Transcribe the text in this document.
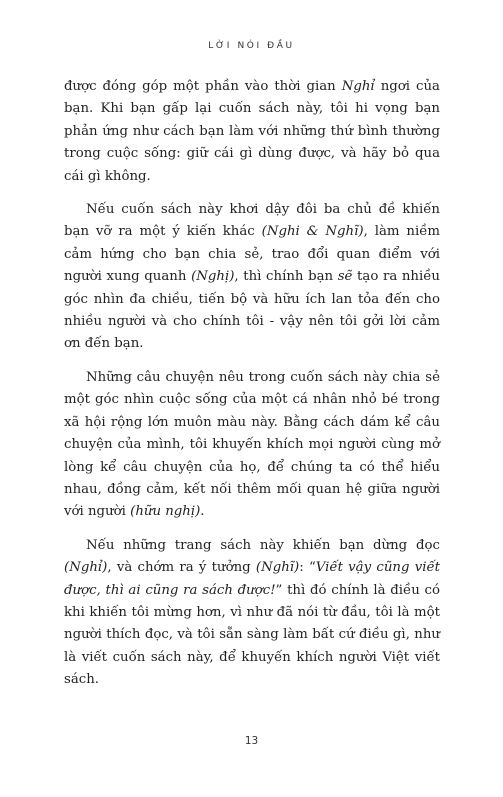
LỜI NÓI ĐẦU

được đóng góp một phần vào thời gian Nghỉ ngơi của bạn. Khi bạn gấp lại cuốn sách này, tôi hi vọng bạn phản ứng như cách bạn làm với những thứ bình thường trong cuộc sống: giữ cái gì dùng được, và hãy bỏ qua cái gì không.

Nếu cuốn sách này khơi dậy đôi ba chủ đề khiến bạn vỡ ra một ý kiến khác (Nghi & Nghĩ), làm niềm cảm hứng cho bạn chia sẻ, trao đổi quan điểm với người xung quanh (Nghị), thì chính bạn sẽ tạo ra nhiều góc nhìn đa chiều, tiến bộ và hữu ích lan tỏa đến cho nhiều người và cho chính tôi - vậy nên tôi gởi lời cảm ơn đến bạn.

Những câu chuyện nêu trong cuốn sách này chia sẻ một góc nhìn cuộc sống của một cá nhân nhỏ bé trong xã hội rộng lớn muôn màu này. Bằng cách dám kể câu chuyện của mình, tôi khuyến khích mọi người cùng mở lòng kể câu chuyện của họ, để chúng ta có thể hiểu nhau, đồng cảm, kết nối thêm mối quan hệ giữa người với người (hữu nghị).

Nếu những trang sách này khiến bạn dừng đọc (Nghỉ), và chớm ra ý tưởng (Nghĩ): “Viết vậy cũng viết được, thì ai cũng ra sách được!” thì đó chính là điều có khi khiến tôi mừng hơn, vì như đã nói từ đầu, tôi là một người thích đọc, và tôi sẵn sàng làm bất cứ điều gì, như là viết cuốn sách này, để khuyến khích người Việt viết sách.

13
